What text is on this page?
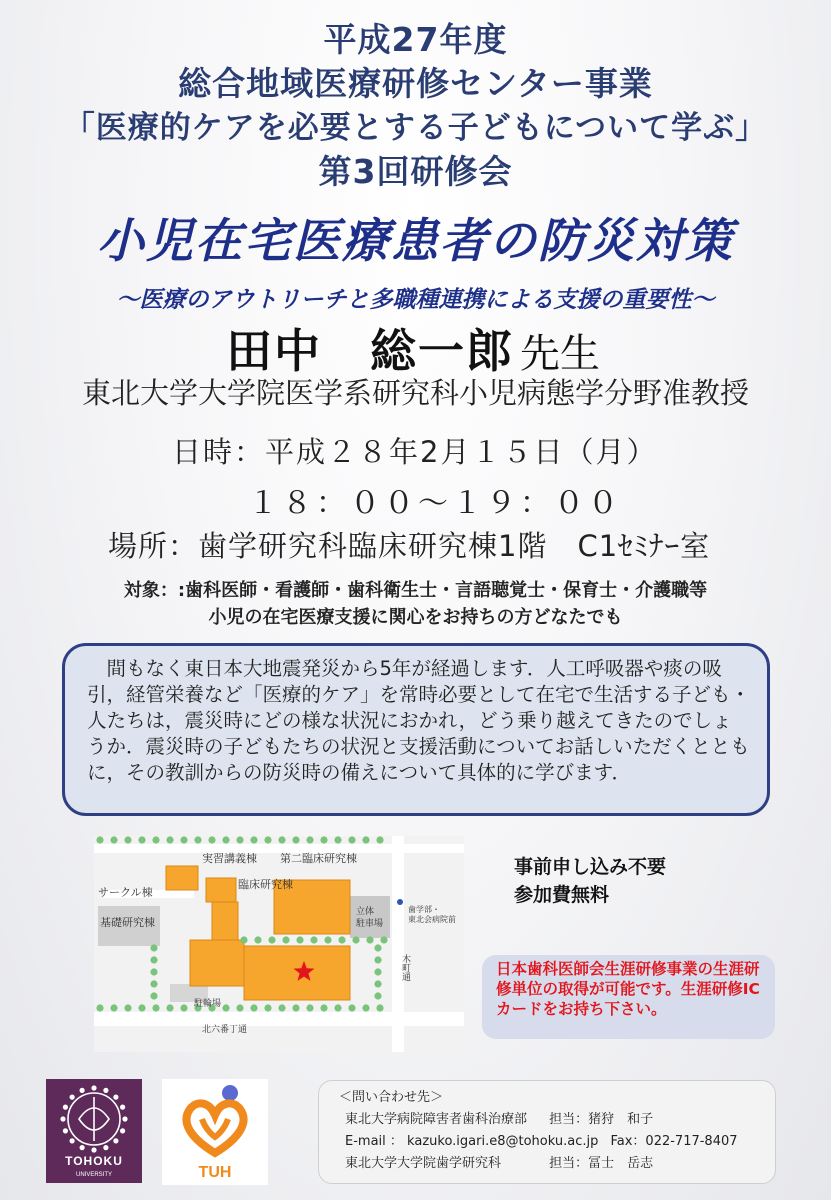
平成27年度
総合地域医療研修センター事業
「医療的ケアを必要とする子どもについて学ぶ」
第3回研修会
小児在宅医療患者の防災対策
～医療のアウトリーチと多職種連携による支援の重要性～
田中　総一郎 先生
東北大学大学院医学系研究科小児病態学分野准教授
日時：平成２８年2月１５日（月）
１８：００～１９：００
場所：歯学研究科臨床研究棟1階　C1ｾﾐﾅｰ室
対象：:歯科医師・看護師・歯科衛生士・言語聴覚士・保育士・介護職等
小児の在宅医療支援に関心をお持ちの方どなたでも
　間もなく東日本大地震発災から5年が経過します．人工呼吸器や痰の吸引，経管栄養など「医療的ケア」を常時必要として在宅で生活する子ども・人たちは，震災時にどの様な状況におかれ，どう乗り越えてきたのでしょうか．震災時の子どもたちの状況と支援活動についてお話しいただくとともに，その教訓からの防災時の備えについて具体的に学びます．
実習講義棟 第二臨床研究棟
サークル棟
臨床研究棟
基礎研究棟
立体
駐車場
駐輪場
北六番丁通
木町通
歯学部・
東北会病院前
事前申し込み不要
参加費無料
日本歯科医師会生涯研修事業の生涯研修単位の取得が可能です。生涯研修ICカードをお持ち下さい。
TOHOKU
UNIVERSITY	TUH
＜問い合わせ先＞
東北大学病院障害者歯科治療部 担当：猪狩　和子
E-mail ： kazuko.igari.e8@tohoku.ac.jp Fax：022-717-8407
東北大学大学院歯学研究科	担当：冨士　岳志
